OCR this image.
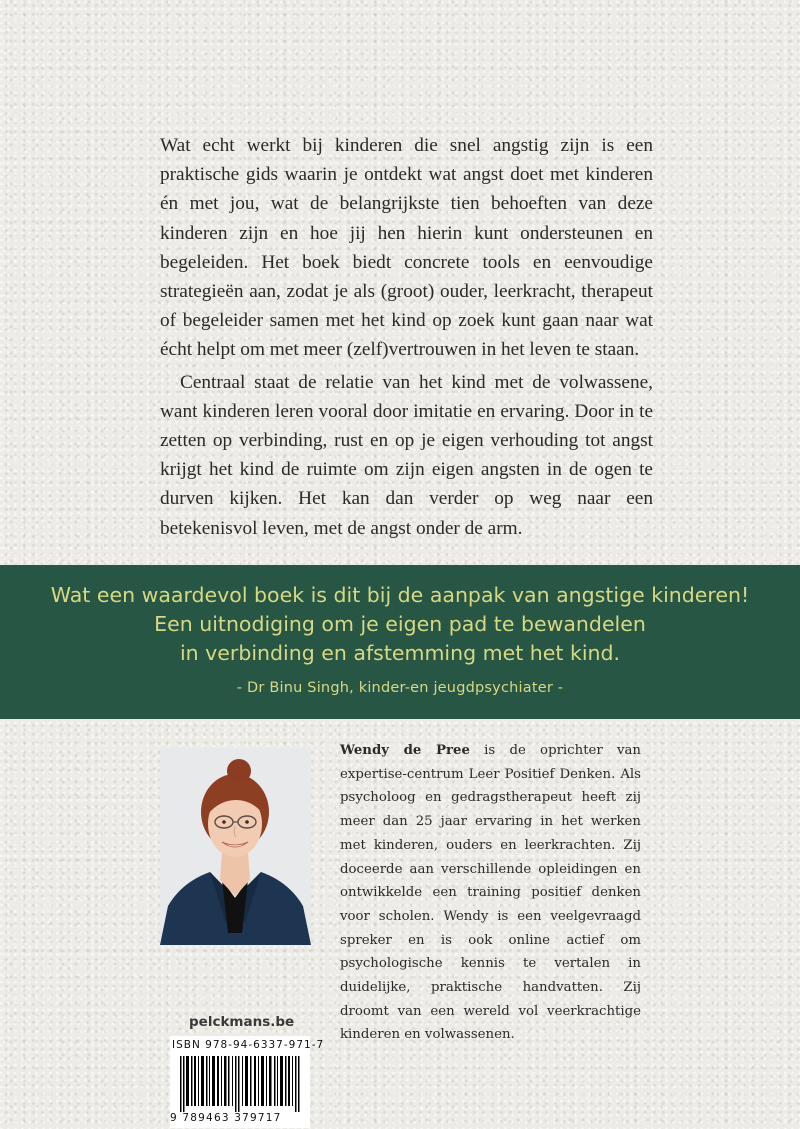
Wat echt werkt bij kinderen die snel angstig zijn is een praktische gids waarin je ontdekt wat angst doet met kinderen én met jou, wat de belangrijkste tien behoeften van deze kinderen zijn en hoe jij hen hierin kunt ondersteunen en begeleiden. Het boek biedt concrete tools en eenvoudige strategieën aan, zodat je als (groot) ouder, leerkracht, therapeut of begeleider samen met het kind op zoek kunt gaan naar wat écht helpt om met meer (zelf)vertrouwen in het leven te staan.

Centraal staat de relatie van het kind met de volwassene, want kinderen leren vooral door imitatie en ervaring. Door in te zetten op verbinding, rust en op je eigen verhouding tot angst krijgt het kind de ruimte om zijn eigen angsten in de ogen te durven kijken. Het kan dan verder op weg naar een betekenisvol leven, met de angst onder de arm.

Wat een waardevol boek is dit bij de aanpak van angstige kinderen!
Een uitnodiging om je eigen pad te bewandelen
in verbinding en afstemming met het kind.
- Dr Binu Singh, kinder-en jeugdpsychiater -
Wendy de Pree is de oprichter van expertise-centrum Leer Positief Denken. Als psycholoog en gedragstherapeut heeft zij meer dan 25 jaar ervaring in het werken met kinderen, ouders en leerkrachten. Zij doceerde aan verschillende opleidingen en ontwikkelde een training positief denken voor scholen. Wendy is een veelgevraagd spreker en is ook online actief om psychologische kennis te vertalen in duidelijke, praktische handvatten. Zij droomt van een wereld vol veerkrachtige kinderen en volwassenen.
pelckmans.be
ISBN 978-94-6337-971-7
9 789463 379717
